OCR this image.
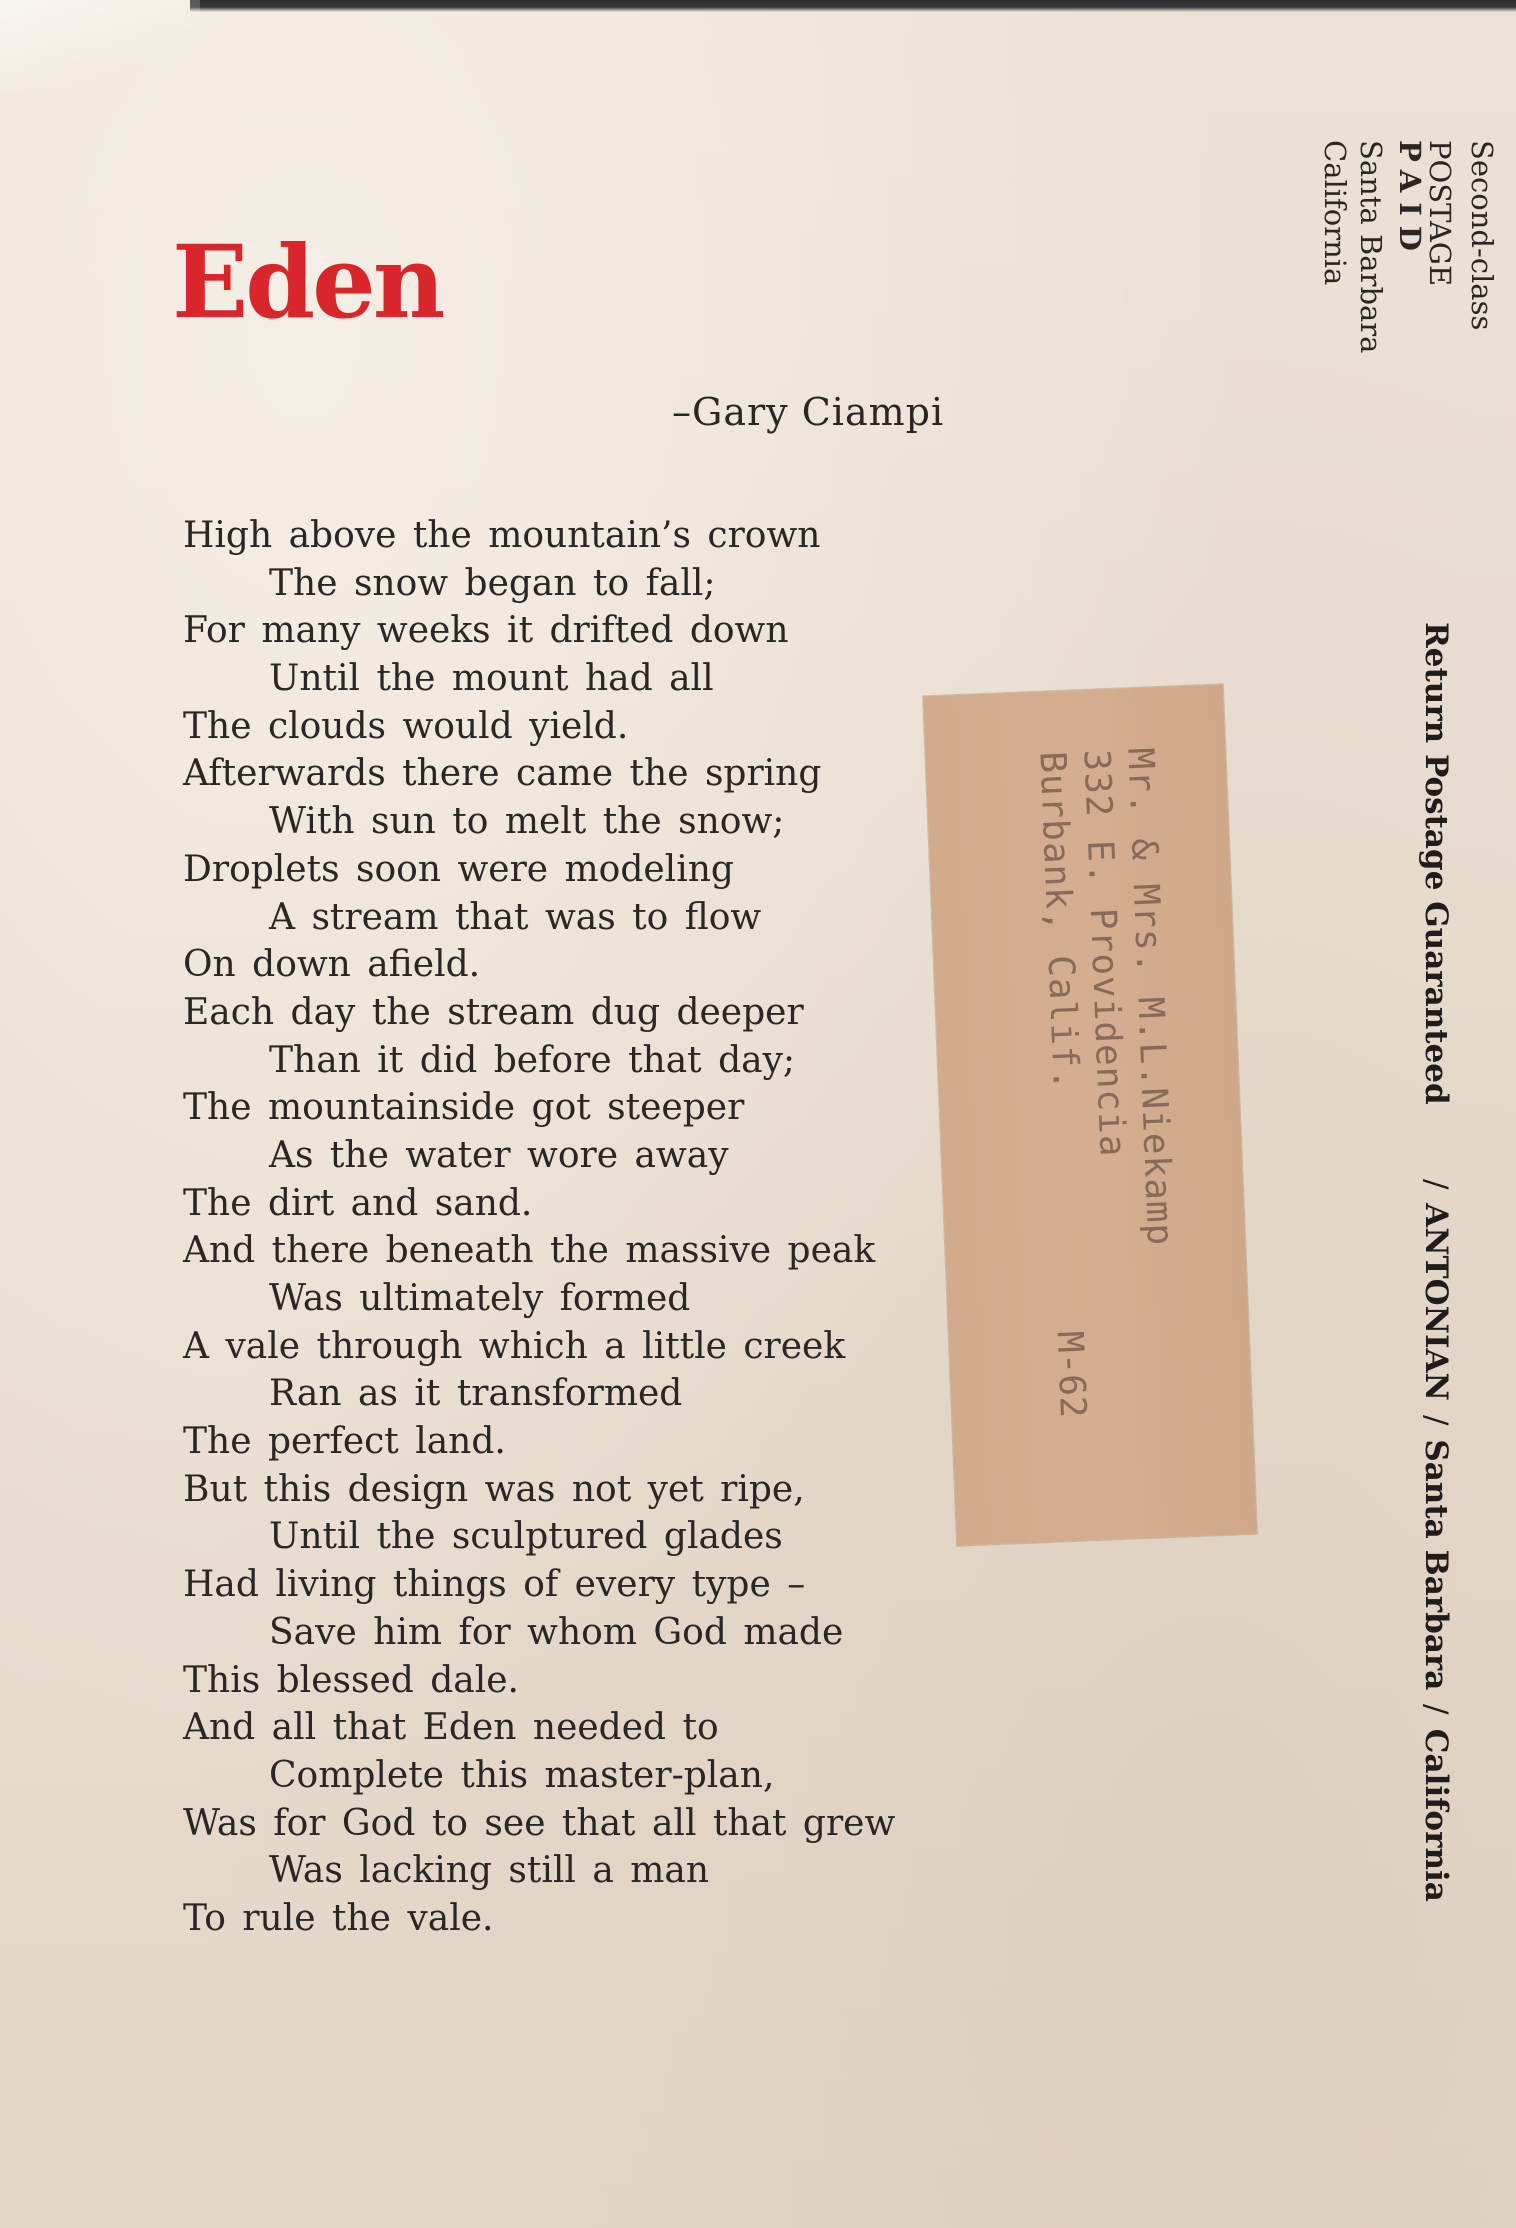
Eden
–Gary Ciampi
High above the mountain’s crown
The snow began to fall;
For many weeks it drifted down
Until the mount had all
The clouds would yield.
Afterwards there came the spring
With sun to melt the snow;
Droplets soon were modeling
A stream that was to flow
On down afield.
Each day the stream dug deeper
Than it did before that day;
The mountainside got steeper
As the water wore away
The dirt and sand.
And there beneath the massive peak
Was ultimately formed
A vale through which a little creek
Ran as it transformed
The perfect land.
But this design was not yet ripe,
Until the sculptured glades
Had living things of every type –
Save him for whom God made
This blessed dale.
And all that Eden needed to
Complete this master-plan,
Was for God to see that all that grew
Was lacking still a man
To rule the vale.
Second-class
POSTAGE
PAID
Santa Barbara
California
Return Postage Guaranteed/ANTONIAN/Santa Barbara/California
Mr. & Mrs. M.L.Niekamp
332 E. Providencia
Burbank, Calif.
M-62
